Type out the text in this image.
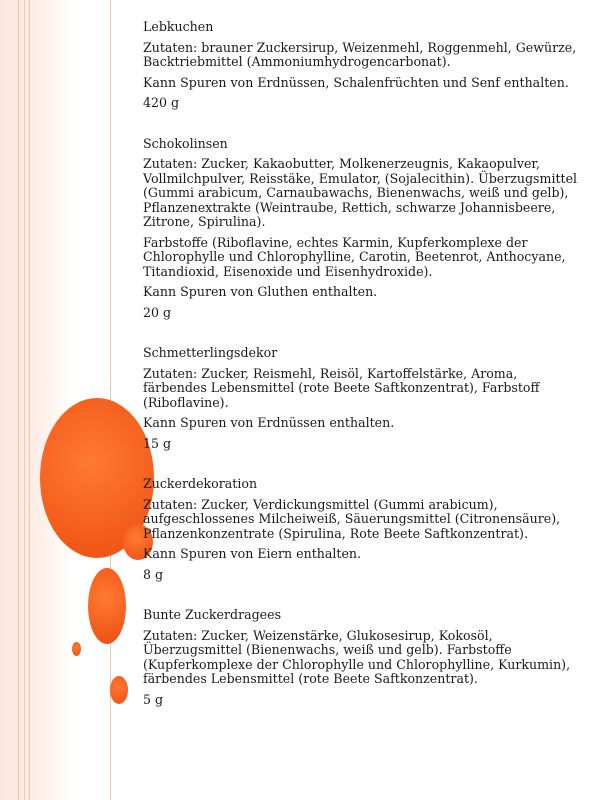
Lebkuchen

Zutaten: brauner Zuckersirup, Weizenmehl, Roggenmehl, Gewürze, Backtriebmittel (Ammoniumhydrogencarbonat).

Kann Spuren von Erdnüssen, Schalenfrüchten und Senf enthalten.

420 g

Schokolinsen

Zutaten: Zucker, Kakaobutter, Molkenerzeugnis, Kakaopulver, Vollmilchpulver, Reisstäke, Emulator, (Sojalecithin). Überzugsmittel (Gummi arabicum, Carnaubawachs, Bienenwachs, weiß und gelb), Pflanzenextrakte (Weintraube, Rettich, schwarze Johannisbeere, Zitrone, Spirulina).

Farbstoffe (Riboflavine, echtes Karmin, Kupferkomplexe der Chlorophylle und Chlorophylline, Carotin, Beetenrot, Anthocyane, Titandioxid, Eisenoxide und Eisenhydroxide).

Kann Spuren von Gluthen enthalten.

20 g

Schmetterlingsdekor

Zutaten: Zucker, Reismehl, Reisöl, Kartoffelstärke, Aroma, färbendes Lebensmittel (rote Beete Saftkonzentrat), Farbstoff (Riboflavine).

Kann Spuren von Erdnüssen enthalten.

15 g

Zuckerdekoration

Zutaten: Zucker, Verdickungsmittel (Gummi arabicum), aufgeschlossenes Milcheiweiß, Säuerungsmittel (Citronensäure), Pflanzenkonzentrate (Spirulina, Rote Beete Saftkonzentrat).

Kann Spuren von Eiern enthalten.

8 g

Bunte Zuckerdragees

Zutaten: Zucker, Weizenstärke, Glukosesirup, Kokosöl, Überzugsmittel (Bienenwachs, weiß und gelb). Farbstoffe (Kupferkomplexe der Chlorophylle und Chlorophylline, Kurkumin), färbendes Lebensmittel (rote Beete Saftkonzentrat).

5 g
